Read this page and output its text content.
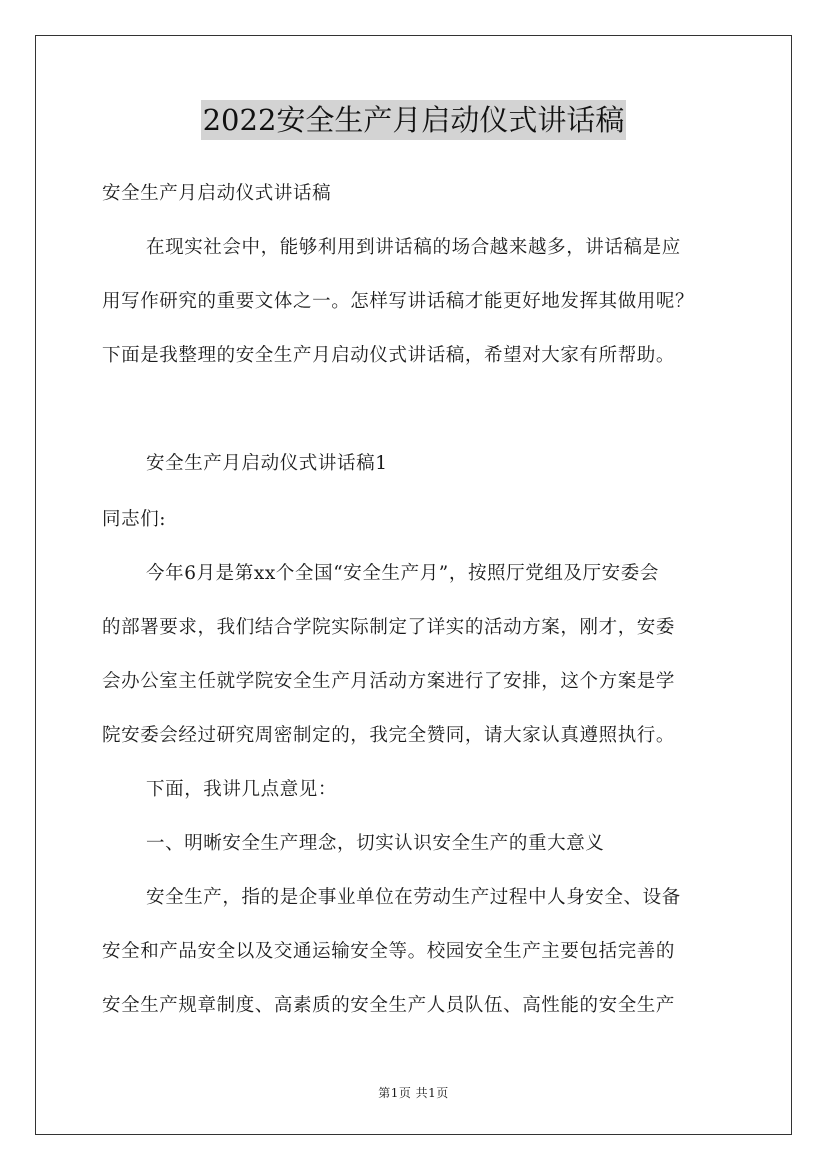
2022安全生产月启动仪式讲话稿
安全生产月启动仪式讲话稿
在现实社会中，能够利用到讲话稿的场合越来越多，讲话稿是应
用写作研究的重要文体之一。怎样写讲话稿才能更好地发挥其做用呢？
下面是我整理的安全生产月启动仪式讲话稿，希望对大家有所帮助。
安全生产月启动仪式讲话稿1
同志们:
今年6月是第xx个全国“安全生产月”，按照厅党组及厅安委会
的部署要求，我们结合学院实际制定了详实的活动方案，刚才，安委
会办公室主任就学院安全生产月活动方案进行了安排，这个方案是学
院安委会经过研究周密制定的，我完全赞同，请大家认真遵照执行。
下面，我讲几点意见：
一、明晰安全生产理念，切实认识安全生产的重大意义
安全生产，指的是企事业单位在劳动生产过程中人身安全、设备
安全和产品安全以及交通运输安全等。校园安全生产主要包括完善的
安全生产规章制度、高素质的安全生产人员队伍、高性能的安全生产
第1页 共1页
